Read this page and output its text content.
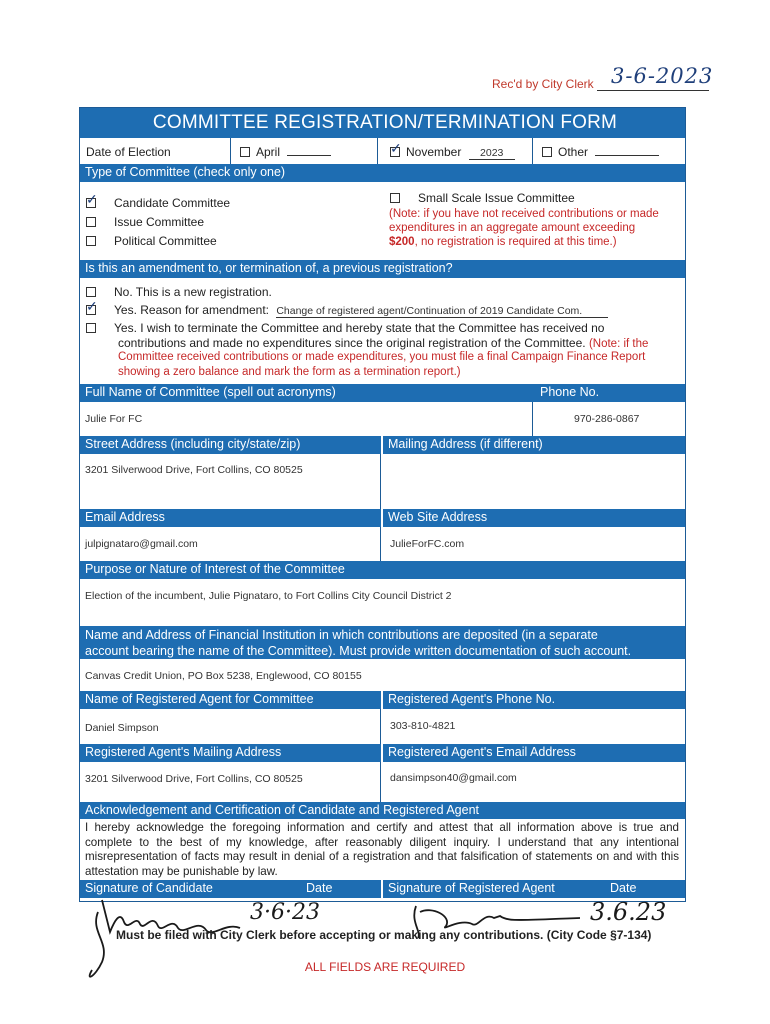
Rec'd by City Clerk 3-6-2023
COMMITTEE REGISTRATION/TERMINATION FORM
Date of Election	April
✓	November 2023	Other
Type of Committee (check only one)
✓Candidate Committee
Issue Committee
Political Committee
Small Scale Issue Committee
(Note: if you have not received contributions or made
expenditures in an aggregate amount exceeding
$200, no registration is required at this time.)
Is this an amendment to, or termination of, a previous registration?
No. This is a new registration.
✓Yes. Reason for amendment: Change of registered agent/Continuation of 2019 Candidate Com.
Yes. I wish to terminate the Committee and hereby state that the Committee has received no
contributions and made no expenditures since the original registration of the Committee. (Note: if the
Committee received contributions or made expenditures, you must file a final Campaign Finance Report
showing a zero balance and mark the form as a termination report.)
Full Name of Committee (spell out acronyms)	Phone No.
Julie For FC	970-286-0867
Street Address (including city/state/zip)	Mailing Address (if different)
3201 Silverwood Drive, Fort Collins, CO 80525
Email Address	Web Site Address
julpignataro@gmail.com	JulieForFC.com
Purpose or Nature of Interest of the Committee
Election of the incumbent, Julie Pignataro, to Fort Collins City Council District 2
Name and Address of Financial Institution in which contributions are deposited (in a separate
account bearing the name of the Committee). Must provide written documentation of such account.
Canvas Credit Union, PO Box 5238, Englewood, CO 80155
Name of Registered Agent for Committee	Registered Agent's Phone No.
Daniel Simpson	303-810-4821
Registered Agent's Mailing Address	Registered Agent's Email Address
3201 Silverwood Drive, Fort Collins, CO 80525	dansimpson40@gmail.com
Acknowledgement and Certification of Candidate and Registered Agent
I hereby acknowledge the foregoing information and certify and attest that all information above is true and complete to the best of my knowledge, after reasonably diligent inquiry. I understand that any intentional misrepresentation of facts may result in denial of a registration and that falsification of statements on and with this attestation may be punishable by law.
Signature of Candidate	Date	Signature of Registered Agent	Date
3·6·23	3.6.23
Must be filed with City Clerk before accepting or making any contributions. (City Code §7-134)
ALL FIELDS ARE REQUIRED
